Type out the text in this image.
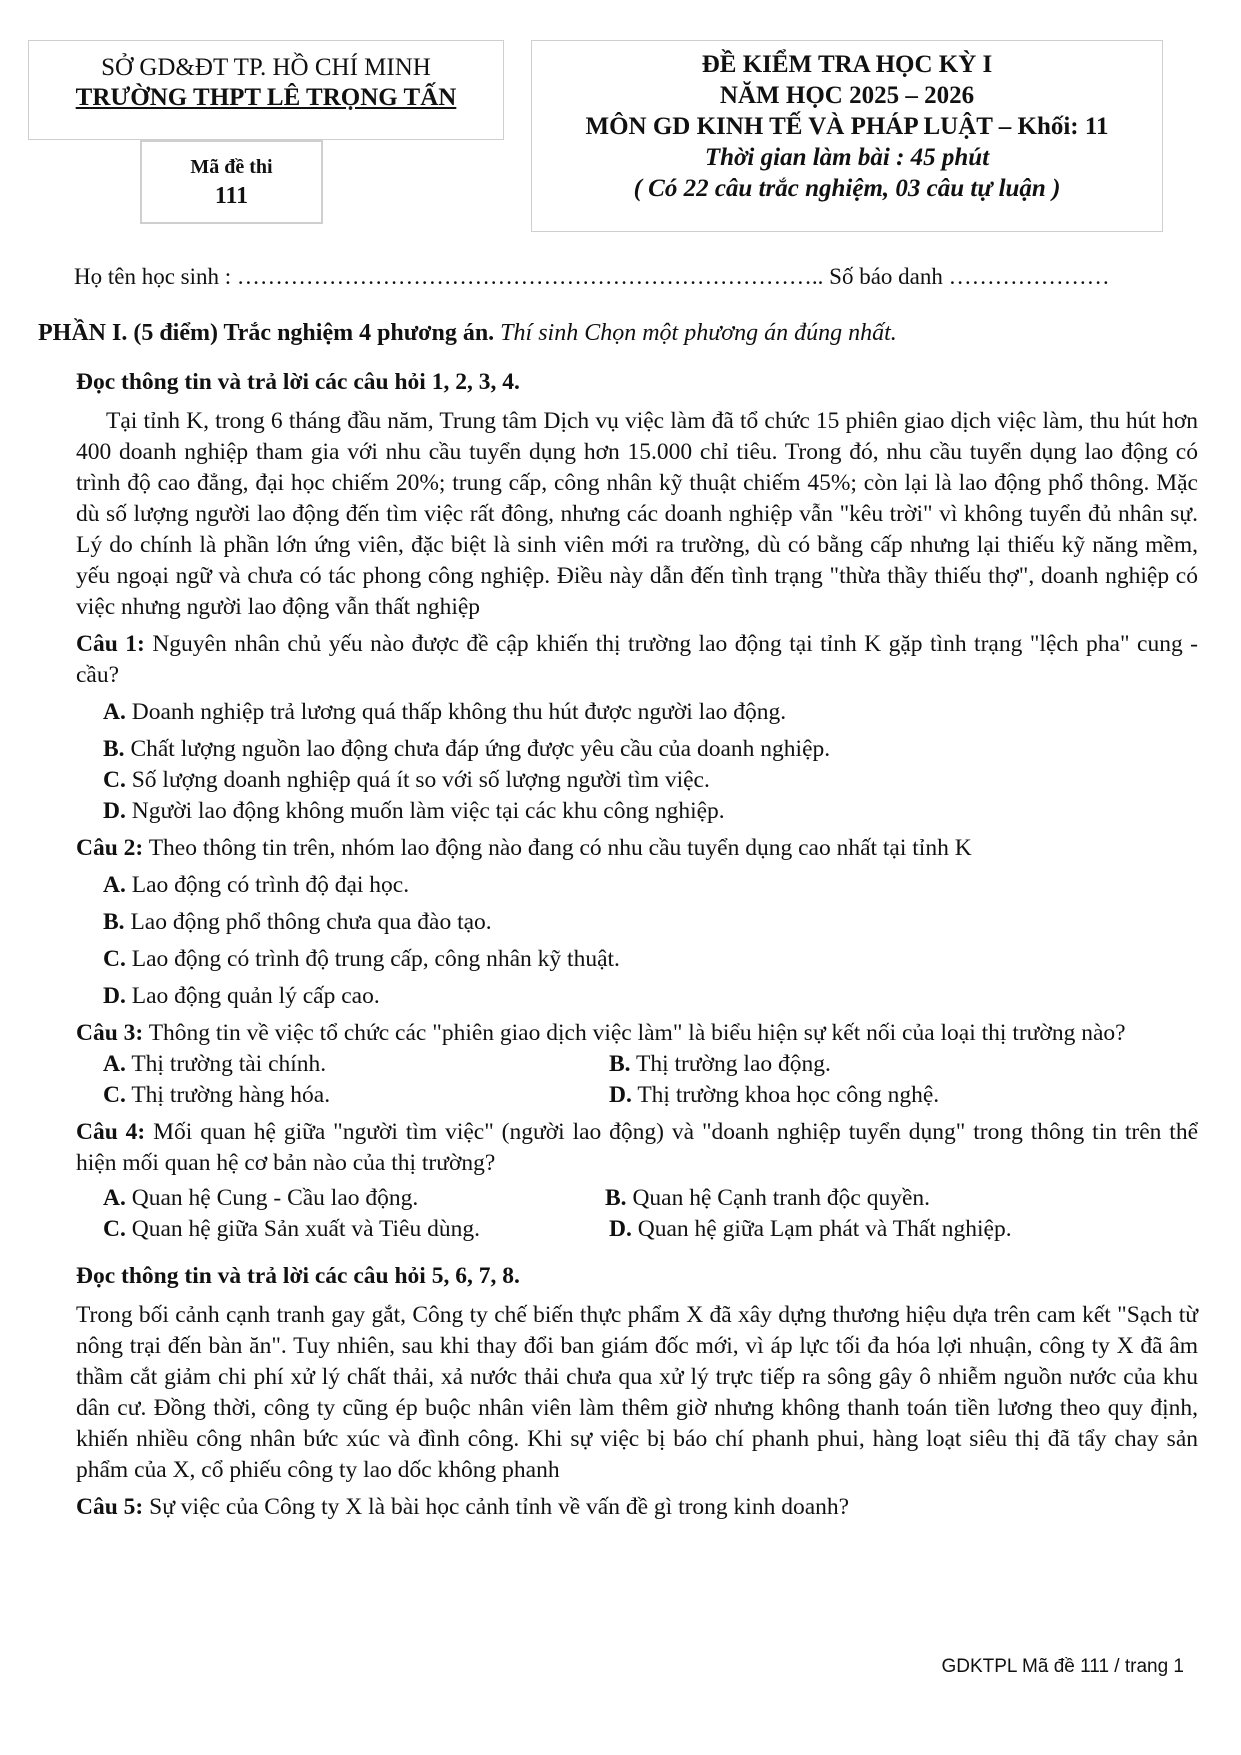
SỞ GD&ĐT TP. HỒ CHÍ MINH
TRƯỜNG THPT LÊ TRỌNG TẤN
Mã đề thi
111
ĐỀ KIỂM TRA HỌC KỲ I
NĂM HỌC 2025 – 2026
MÔN GD KINH TẾ VÀ PHÁP LUẬT – Khối: 11
Thời gian làm bài : 45 phút
( Có 22 câu trắc nghiệm, 03 câu tự luận )
Họ tên học sinh : ………………………………………………………………….. Số báo danh …………………

PHẦN I. (5 điểm) Trắc nghiệm 4 phương án. Thí sinh Chọn một phương án đúng nhất.

Đọc thông tin và trả lời các câu hỏi 1, 2, 3, 4.

Tại tỉnh K, trong 6 tháng đầu năm, Trung tâm Dịch vụ việc làm đã tổ chức 15 phiên giao dịch việc làm, thu hút hơn 400 doanh nghiệp tham gia với nhu cầu tuyển dụng hơn 15.000 chỉ tiêu. Trong đó, nhu cầu tuyển dụng lao động có trình độ cao đẳng, đại học chiếm 20%; trung cấp, công nhân kỹ thuật chiếm 45%; còn lại là lao động phổ thông. Mặc dù số lượng người lao động đến tìm việc rất đông, nhưng các doanh nghiệp vẫn "kêu trời" vì không tuyển đủ nhân sự. Lý do chính là phần lớn ứng viên, đặc biệt là sinh viên mới ra trường, dù có bằng cấp nhưng lại thiếu kỹ năng mềm, yếu ngoại ngữ và chưa có tác phong công nghiệp. Điều này dẫn đến tình trạng "thừa thầy thiếu thợ", doanh nghiệp có việc nhưng người lao động vẫn thất nghiệp

Câu 1: Nguyên nhân chủ yếu nào được đề cập khiến thị trường lao động tại tỉnh K gặp tình trạng "lệch pha" cung - cầu?

A. Doanh nghiệp trả lương quá thấp không thu hút được người lao động.

B. Chất lượng nguồn lao động chưa đáp ứng được yêu cầu của doanh nghiệp.

C. Số lượng doanh nghiệp quá ít so với số lượng người tìm việc.

D. Người lao động không muốn làm việc tại các khu công nghiệp.

Câu 2: Theo thông tin trên, nhóm lao động nào đang có nhu cầu tuyển dụng cao nhất tại tỉnh K

A. Lao động có trình độ đại học.

B. Lao động phổ thông chưa qua đào tạo.

C. Lao động có trình độ trung cấp, công nhân kỹ thuật.

D. Lao động quản lý cấp cao.

Câu 3: Thông tin về việc tổ chức các "phiên giao dịch việc làm" là biểu hiện sự kết nối của loại thị trường nào?

A. Thị trường tài chính.	B. Thị trường lao động.
C. Thị trường hàng hóa.	D. Thị trường khoa học công nghệ.

Câu 4: Mối quan hệ giữa "người tìm việc" (người lao động) và "doanh nghiệp tuyển dụng" trong thông tin trên thể hiện mối quan hệ cơ bản nào của thị trường?

A. Quan hệ Cung - Cầu lao động.	B. Quan hệ Cạnh tranh độc quyền.
C. Quan hệ giữa Sản xuất và Tiêu dùng.	D. Quan hệ giữa Lạm phát và Thất nghiệp.

Đọc thông tin và trả lời các câu hỏi 5, 6, 7, 8.

Trong bối cảnh cạnh tranh gay gắt, Công ty chế biến thực phẩm X đã xây dựng thương hiệu dựa trên cam kết "Sạch từ nông trại đến bàn ăn". Tuy nhiên, sau khi thay đổi ban giám đốc mới, vì áp lực tối đa hóa lợi nhuận, công ty X đã âm thầm cắt giảm chi phí xử lý chất thải, xả nước thải chưa qua xử lý trực tiếp ra sông gây ô nhiễm nguồn nước của khu dân cư. Đồng thời, công ty cũng ép buộc nhân viên làm thêm giờ nhưng không thanh toán tiền lương theo quy định, khiến nhiều công nhân bức xúc và đình công. Khi sự việc bị báo chí phanh phui, hàng loạt siêu thị đã tẩy chay sản phẩm của X, cổ phiếu công ty lao dốc không phanh

Câu 5: Sự việc của Công ty X là bài học cảnh tỉnh về vấn đề gì trong kinh doanh?

GDKTPL Mã đề 111 / trang 1
